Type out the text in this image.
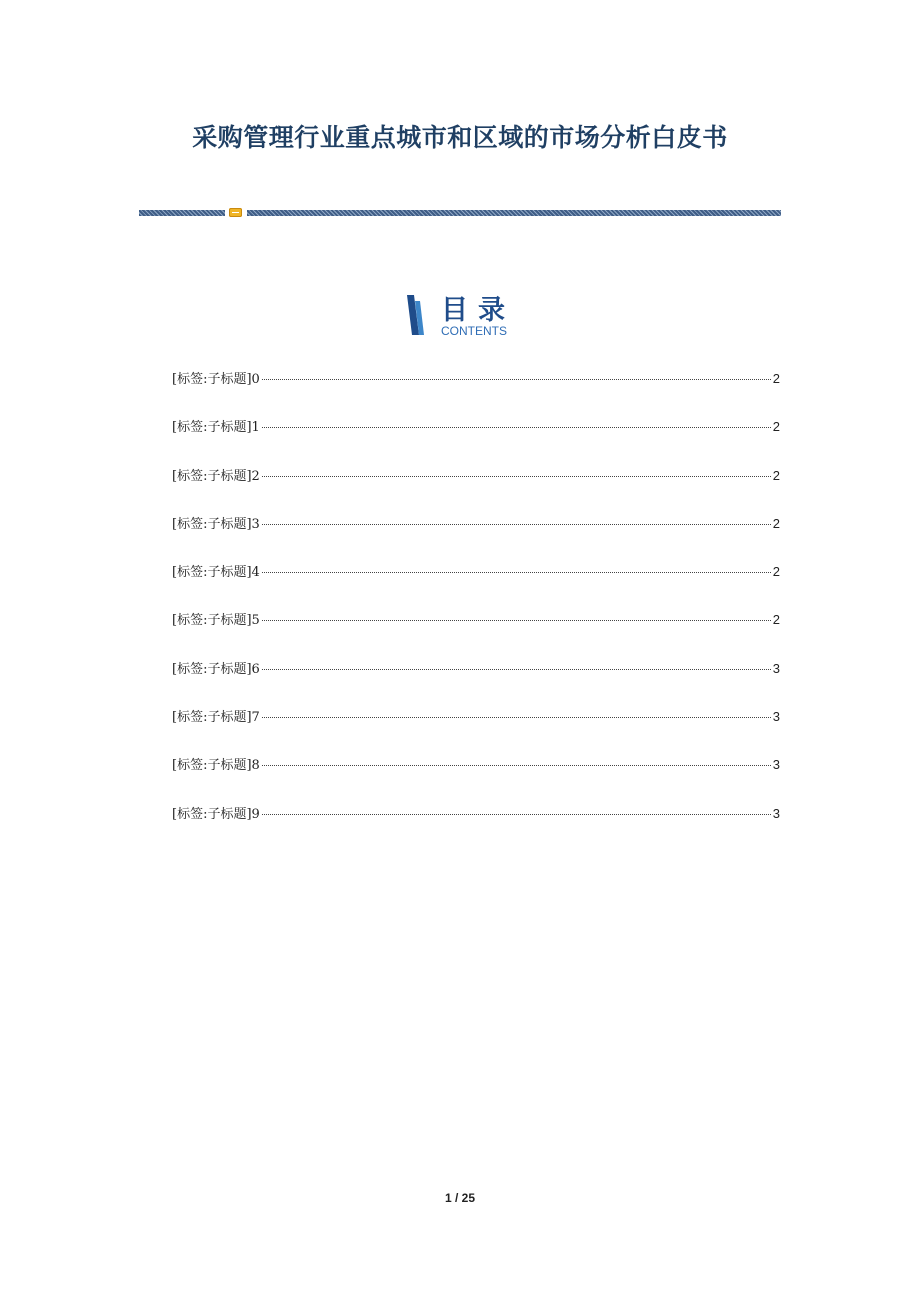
采购管理行业重点城市和区域的市场分析白皮书
目录
CONTENTS
[标签:子标题]0	2
[标签:子标题]1	2
[标签:子标题]2	2
[标签:子标题]3	2
[标签:子标题]4	2
[标签:子标题]5	2
[标签:子标题]6	3
[标签:子标题]7	3
[标签:子标题]8	3
[标签:子标题]9	3
1 / 25
